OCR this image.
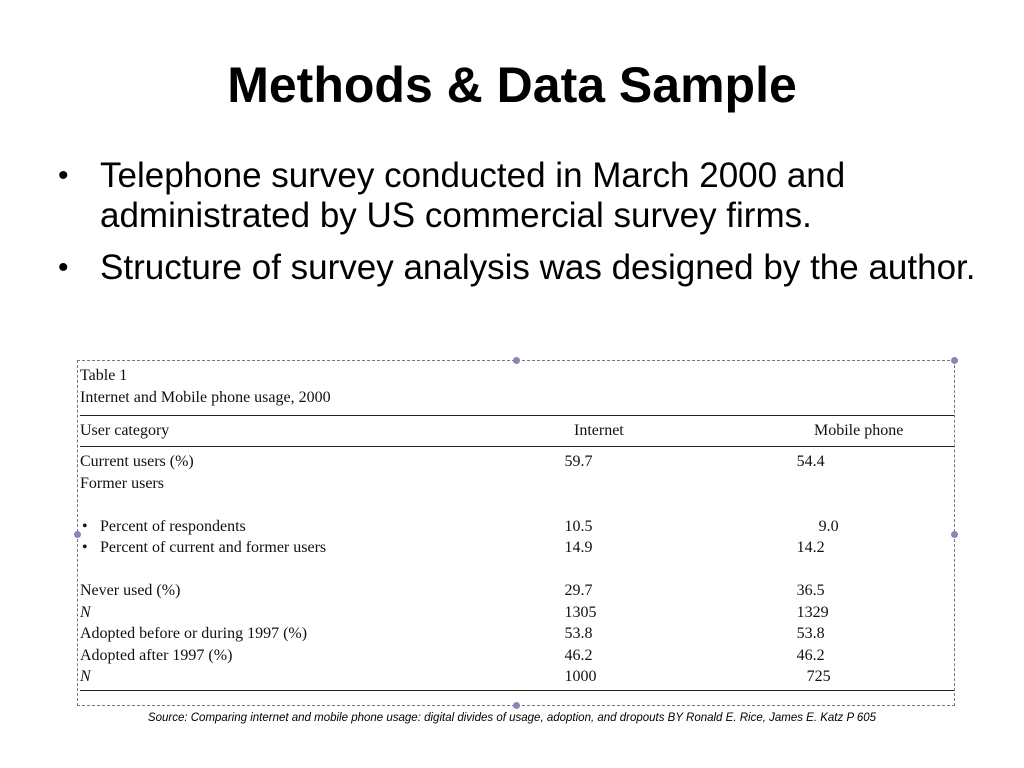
Methods & Data Sample
• Telephone survey conducted in March 2000 and administrated by US commercial survey firms.
• Structure of survey analysis was designed by the author.
Table 1
Internet and Mobile phone usage, 2000
User category	Internet	Mobile phone
Current users (%)	59.7	54.4
Former users		

• Percent of respondents	10.5	9.0
• Percent of current and former users	14.9	14.2

Never used (%)	29.7	36.5
N	1305	1329
Adopted before or during 1997 (%)	53.8	53.8
Adopted after 1997 (%)	46.2	46.2
N	1000	725
Source: Comparing internet and mobile phone usage: digital divides of usage, adoption, and dropouts BY Ronald E. Rice, James E. Katz P 605
